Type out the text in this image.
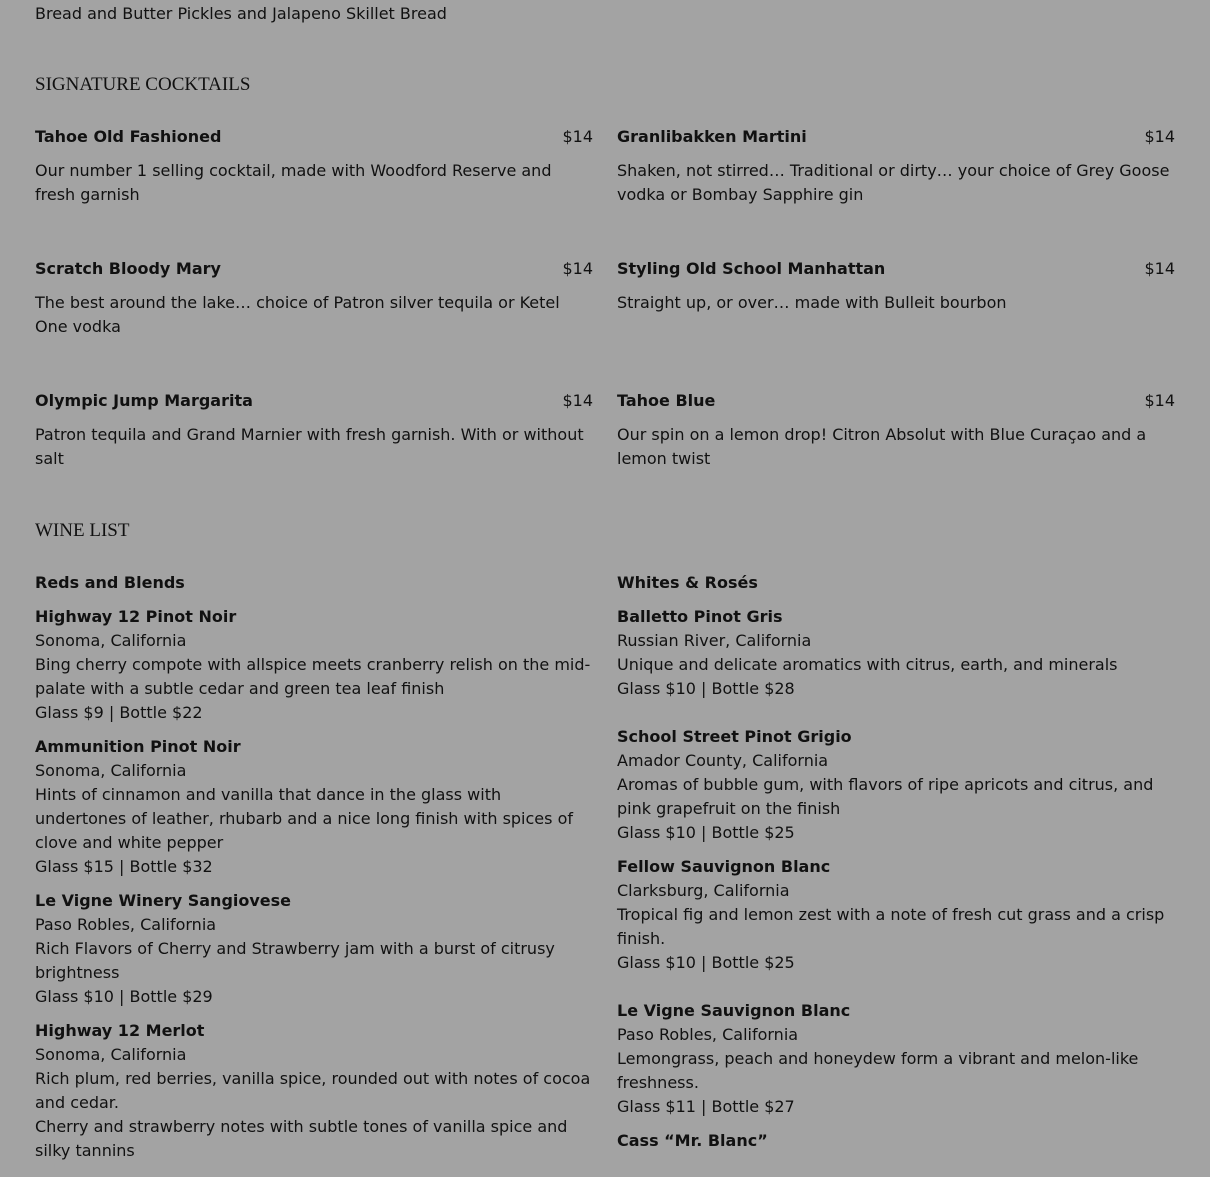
Bread and Butter Pickles and Jalapeno Skillet Bread
SIGNATURE COCKTAILS
Tahoe Old Fashioned	$14
Our number 1 selling cocktail, made with Woodford Reserve and fresh garnish
Granlibakken Martini	$14
Shaken, not stirred… Traditional or dirty… your choice of Grey Goose vodka or Bombay Sapphire gin
Scratch Bloody Mary	$14
The best around the lake… choice of Patron silver tequila or Ketel One vodka
Styling Old School Manhattan	$14
Straight up, or over… made with Bulleit bourbon
Olympic Jump Margarita	$14
Patron tequila and Grand Marnier with fresh garnish. With or without salt
Tahoe Blue	$14
Our spin on a lemon drop! Citron Absolut with Blue Curaçao and a lemon twist
WINE LIST
Reds and Blends
Highway 12 Pinot Noir
Sonoma, California
Bing cherry compote with allspice meets cranberry relish on the mid-palate with a subtle cedar and green tea leaf finish
Glass $9 | Bottle $22
Ammunition Pinot Noir
Sonoma, California
Hints of cinnamon and vanilla that dance in the glass with undertones of leather, rhubarb and a nice long finish with spices of clove and white pepper
Glass $15 | Bottle $32
Le Vigne Winery Sangiovese
Paso Robles, California
Rich Flavors of Cherry and Strawberry jam with a burst of citrusy brightness
Glass $10 | Bottle $29
Highway 12 Merlot
Sonoma, California
Rich plum, red berries, vanilla spice, rounded out with notes of cocoa and cedar.
Cherry and strawberry notes with subtle tones of vanilla spice and silky tannins
Whites & Rosés
Balletto Pinot Gris
Russian River, California
Unique and delicate aromatics with citrus, earth, and minerals
Glass $10 | Bottle $28
School Street Pinot Grigio
Amador County, California
Aromas of bubble gum, with flavors of ripe apricots and citrus, and pink grapefruit on the finish
Glass $10 | Bottle $25
Fellow Sauvignon Blanc
Clarksburg, California
Tropical fig and lemon zest with a note of fresh cut grass and a crisp finish.
Glass $10 | Bottle $25
Le Vigne Sauvignon Blanc
Paso Robles, California
Lemongrass, peach and honeydew form a vibrant and melon-like freshness.
Glass $11 | Bottle $27
Cass “Mr. Blanc”
